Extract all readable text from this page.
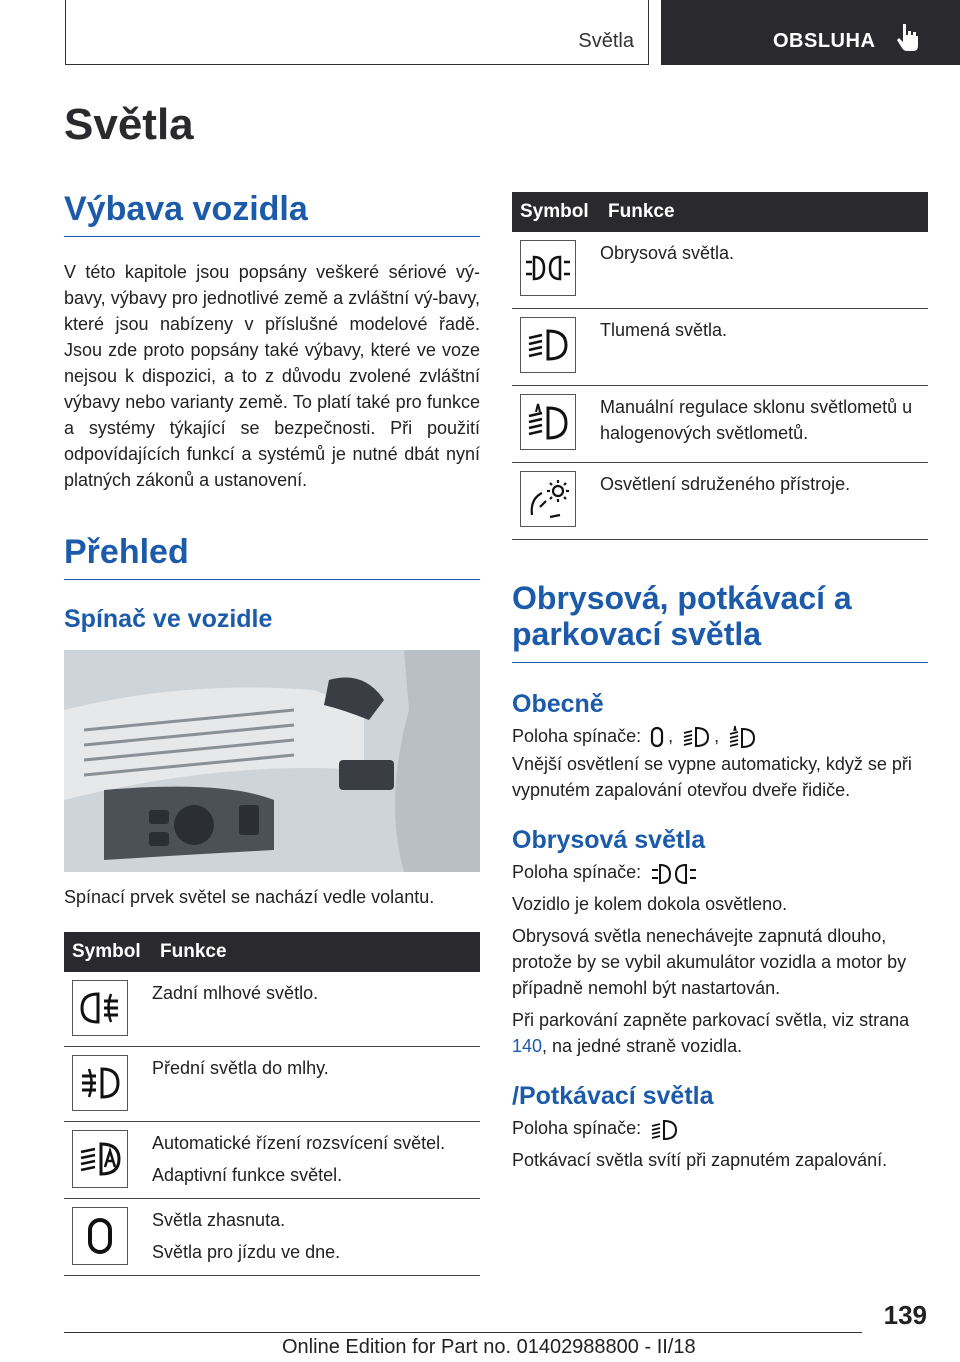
Světla	OBSLUHA
Světla
Výbava vozidla

V této kapitole jsou popsány veškeré sériové vý-bavy, výbavy pro jednotlivé země a zvláštní vý-bavy, které jsou nabízeny v příslušné modelové řadě. Jsou zde proto popsány také výbavy, které ve voze nejsou k dispozici, a to z důvodu zvolené zvláštní výbavy nebo varianty země. To platí také pro funkce a systémy týkající se bezpečnosti. Při použití odpovídajících funkcí a systémů je nutné dbát nyní platných zákonů a ustanovení.

Přehled
Spínač ve vozidle

Spínací prvek světel se nachází vedle volantu.

Symbol	Funkce

	Zadní mlhové světlo.

	Přední světla do mlhy.

Automatické řízení rozsvícení světel.
Adaptivní funkce světel.

Světla zhasnuta.
Světla pro jízdu ve dne.
Symbol	Funkce

	Obrysová světla.

	Tlumená světla.

	Manuální regulace sklonu světlometů u halogenových světlometů.

	Osvětlení sdruženého přístroje.
Obrysová, potkávací a
parkovací světla
Obecně

Poloha spínače: , ,

Vnější osvětlení se vypne automaticky, když se při vypnutém zapalování otevřou dveře řidiče.

Obrysová světla

Poloha spínače:

Vozidlo je kolem dokola osvětleno.

Obrysová světla nenechávejte zapnutá dlouho, protože by se vybil akumulátor vozidla a motor by případně nemohl být nastartován.

Při parkování zapněte parkovací světla, viz strana 140, na jedné straně vozidla.

/Potkávací světla

Poloha spínače:

Potkávací světla svítí při zapnutém zapalování.

139
Online Edition for Part no. 01402988800 - II/18
